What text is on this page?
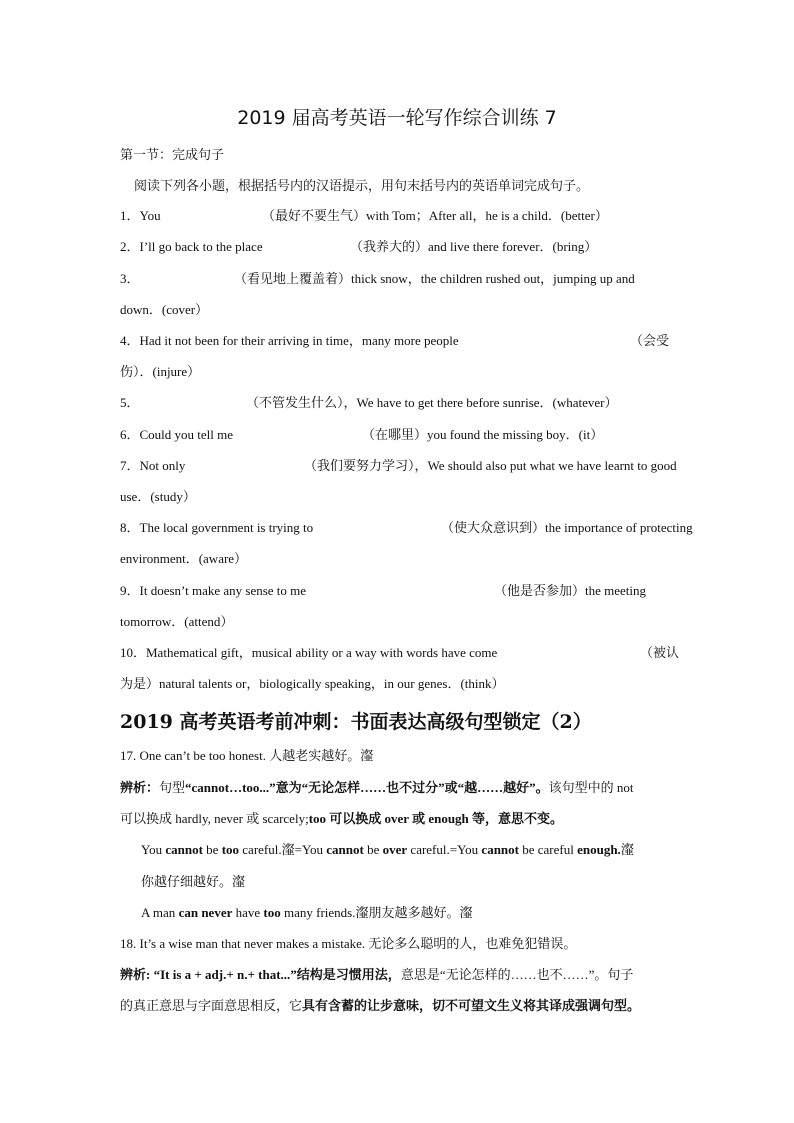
2019 届高考英语一轮写作综合训练 7
第一节：完成句子
阅读下列各小题，根据括号内的汉语提示，用句末括号内的英语单词完成句子。
1．You	（最好不要生气）with Tom；After all，he is a child．(better）
2．I’ll go back to the place	（我养大的）and live there forever．(bring）
3．	（看见地上覆盖着）thick snow，the children rushed out，jumping up and
down．(cover）
4．Had it not been for their arriving in time，many more people	（会受
伤）．(injure）
5．	（不管发生什么），We have to get there before sunrise．(whatever）
6．Could you tell me	（在哪里）you found the missing boy．(it）
7．Not only	（我们要努力学习），We should also put what we have learnt to good
use．(study）
8．The local government is trying to	（使大众意识到）the importance of protecting
environment．(aware）
9．It doesn’t make any sense to me	（他是否参加）the meeting
tomorrow．(attend）
10．Mathematical gift，musical ability or a way with words have come	（被认
为是）natural talents or，biologically speaking，in our genes．(think）
2019 高考英语考前冲刺：书面表达高级句型锁定（2）
17. One can’t be too honest. 人越老实越好。瀣
辨析：句型“cannot…too...”意为“无论怎样……也不过分”或“越……越好”。该句型中的 not
可以换成 hardly, never 或 scarcely;too 可以换成 over 或 enough 等，意思不变。
You cannot be too careful.瀣=You cannot be over careful.=You cannot be careful enough.瀣
你越仔细越好。瀣
A man can never have too many friends.瀣朋友越多越好。瀣
18. It’s a wise man that never makes a mistake. 无论多么聪明的人，也难免犯错误。
辨析: “It is a + adj.+ n.+ that...”结构是习惯用法，意思是“无论怎样的……也不……”。句子
的真正意思与字面意思相反，它具有含蓄的让步意味，切不可望文生义将其译成强调句型。
